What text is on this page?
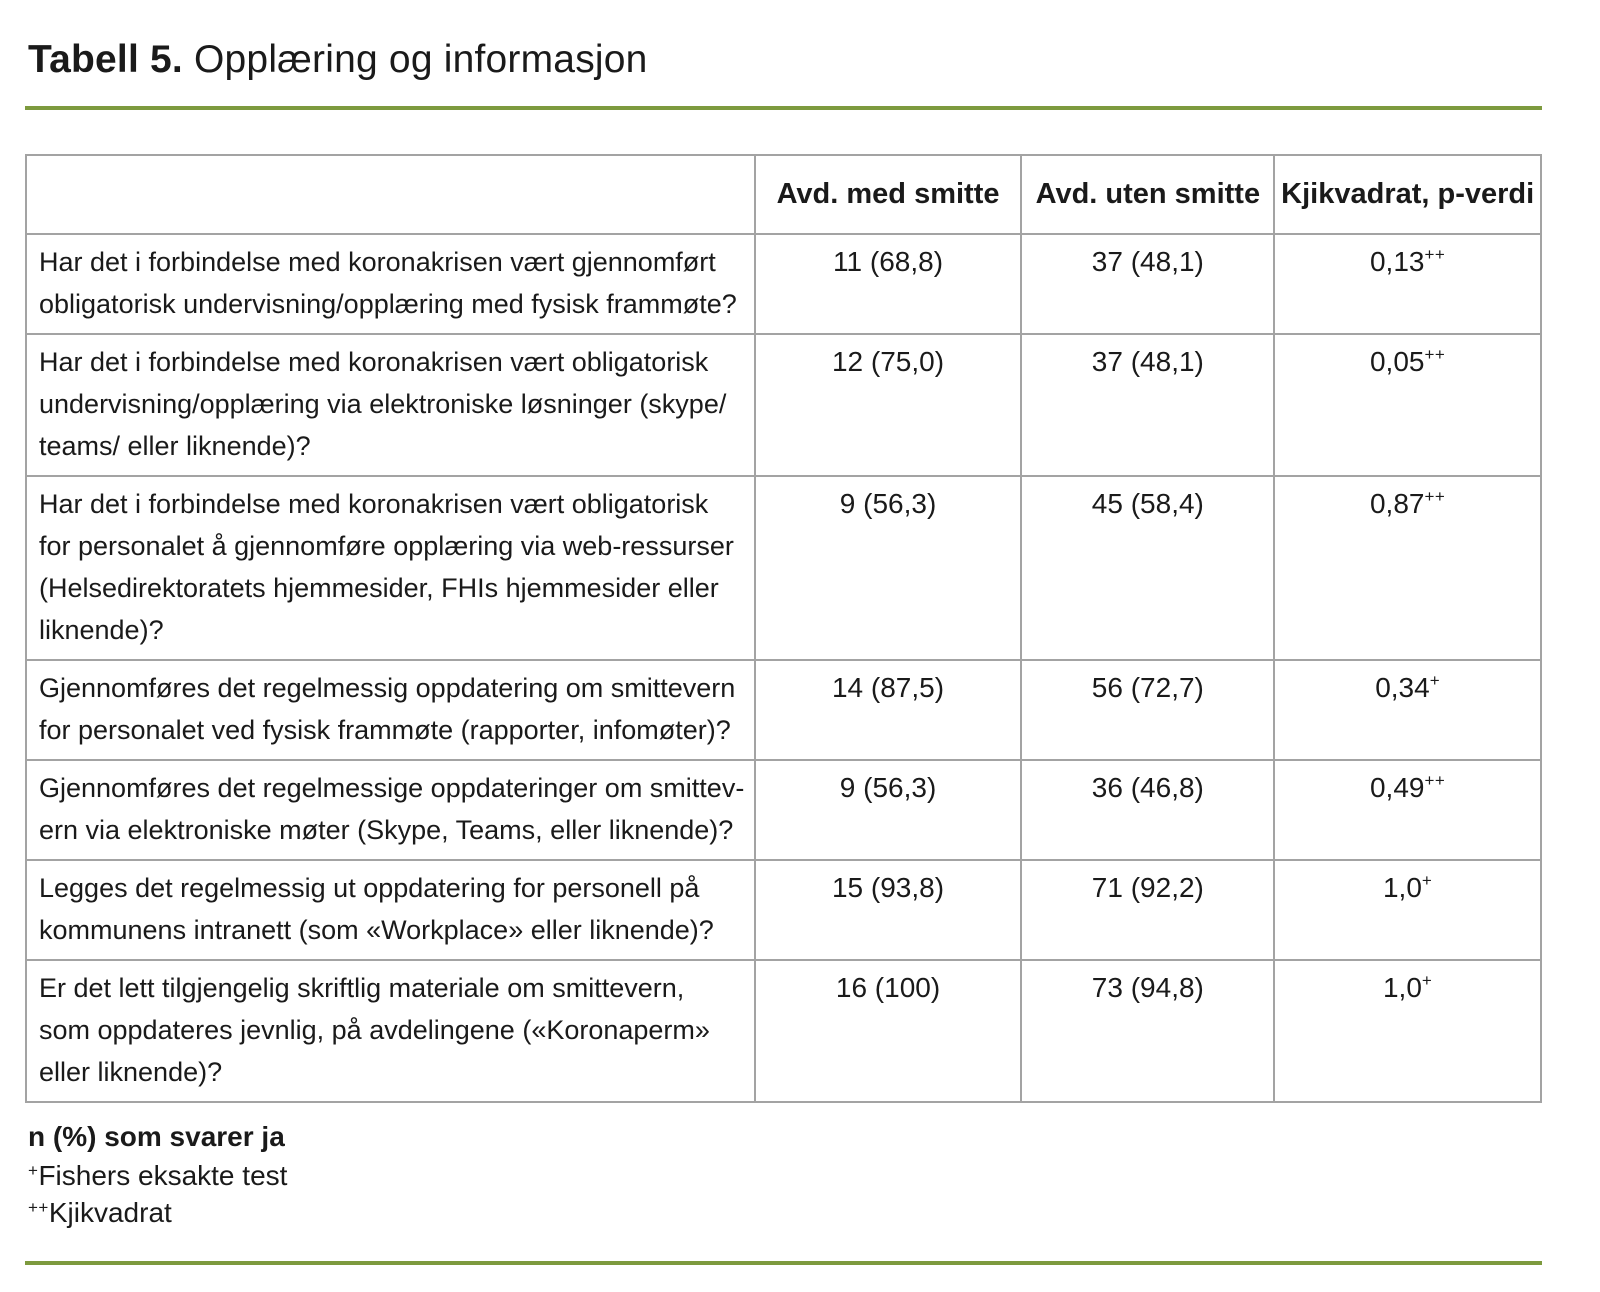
Tabell 5. Opplæring og informasjon
	Avd. med smitte	Avd. uten smitte	Kjikvadrat, p-verdi
Har det i forbindelse med koronakrisen vært gjennomført
obligatorisk undervisning/opplæring med fysisk frammøte?	11 (68,8)	37 (48,1)	0,13++
Har det i forbindelse med koronakrisen vært obligatorisk
undervisning/opplæring via elektroniske løsninger (skype/
teams/ eller liknende)?	12 (75,0)	37 (48,1)	0,05++
Har det i forbindelse med koronakrisen vært obligatorisk
for personalet å gjennomføre opplæring via web-ressurser
(Helsedirektoratets hjemmesider, FHIs hjemmesider eller
liknende)?	9 (56,3)	45 (58,4)	0,87++
Gjennomføres det regelmessig oppdatering om smittevern
for personalet ved fysisk frammøte (rapporter, infomøter)?	14 (87,5)	56 (72,7)	0,34+
Gjennomføres det regelmessige oppdateringer om smittev-
ern via elektroniske møter (Skype, Teams, eller liknende)?	9 (56,3)	36 (46,8)	0,49++
Legges det regelmessig ut oppdatering for personell på
kommunens intranett (som «Workplace» eller liknende)?	15 (93,8)	71 (92,2)	1,0+
Er det lett tilgjengelig skriftlig materiale om smittevern,
som oppdateres jevnlig, på avdelingene («Koronaperm»
eller liknende)?	16 (100)	73 (94,8)	1,0+
n (%) som svarer ja
+Fishers eksakte test
++Kjikvadrat
